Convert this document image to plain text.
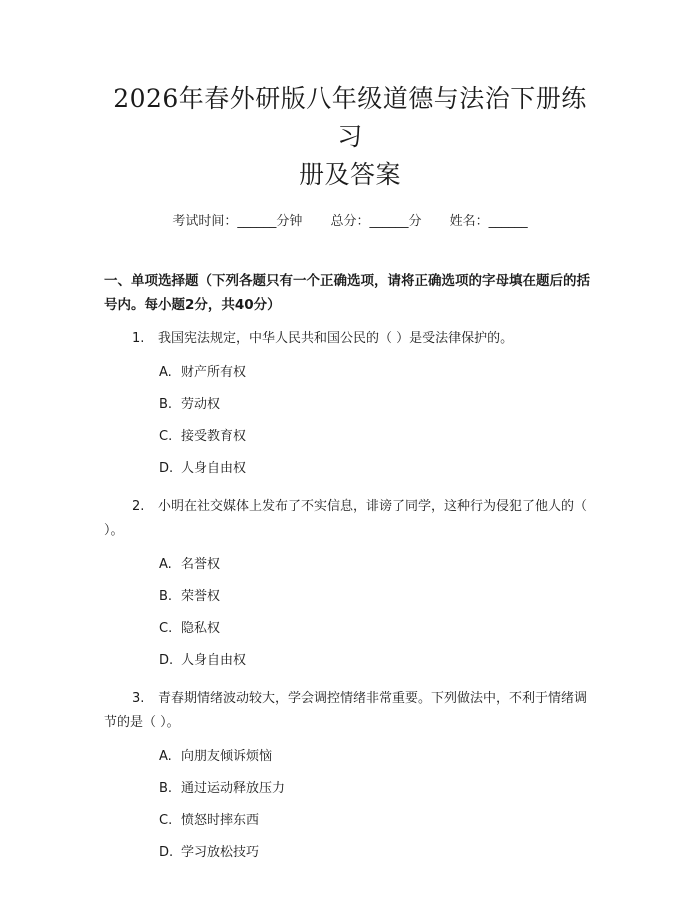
2026年春外研版八年级道德与法治下册练习
册及答案
考试时间：______分钟 总分：______分 姓名：______
一、单项选择题（下列各题只有一个正确选项，请将正确选项的字母填在题后的括号内。每小题2分，共40分）
1. 我国宪法规定，中华人民共和国公民的（ ）是受法律保护的。
A. 财产所有权
B. 劳动权
C. 接受教育权
D. 人身自由权
2. 小明在社交媒体上发布了不实信息，诽谤了同学，这种行为侵犯了他人的（ ）。
A. 名誉权
B. 荣誉权
C. 隐私权
D. 人身自由权
3. 青春期情绪波动较大，学会调控情绪非常重要。下列做法中，不利于情绪调节的是（ ）。
A. 向朋友倾诉烦恼
B. 通过运动释放压力
C. 愤怒时摔东西
D. 学习放松技巧
